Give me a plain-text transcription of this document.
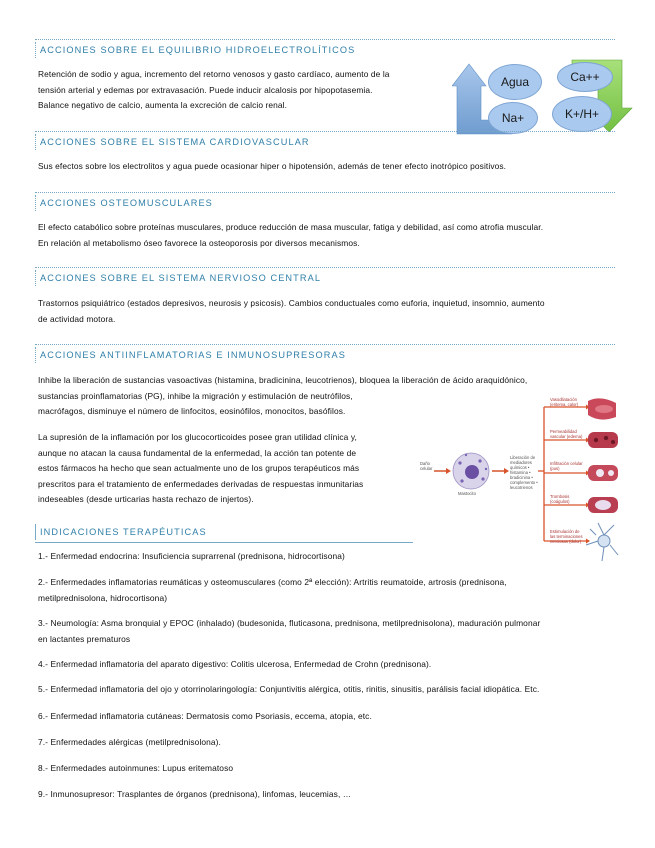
ACCIONES SOBRE EL EQUILIBRIO HIDROELECTROLÍTICOS
Retención de sodio y agua, incremento del retorno venosos y gasto cardíaco, aumento de la
tensión arterial y edemas por extravasación. Puede inducir alcalosis por hipopotasemia.
Balance negativo de calcio, aumenta la excreción de calcio renal.
Agua	Ca++
Na+	K+/H+
ACCIONES SOBRE EL SISTEMA CARDIOVASCULAR
Sus efectos sobre los electrolitos y agua puede ocasionar hiper o hipotensión, además de tener efecto inotrópico positivos.
ACCIONES OSTEOMUSCULARES
El efecto catabólico sobre proteínas musculares, produce reducción de masa muscular, fatiga y debilidad, así como atrofia muscular.
En relación al metabolismo óseo favorece la osteoporosis por diversos mecanismos.
ACCIONES SOBRE EL SISTEMA NERVIOSO CENTRAL
Trastornos psiquiátrico (estados depresivos, neurosis y psicosis). Cambios conductuales como euforia, inquietud, insomnio, aumento
de actividad motora.
ACCIONES ANTIINFLAMATORIAS E INMUNOSUPRESORAS
Inhibe la liberación de sustancias vasoactivas (histamina, bradicinina, leucotrienos), bloquea la liberación de ácido araquidónico,
sustancias proinflamatorias (PG), inhibe la migración y estimulación de neutrófilos,
macrófagos, disminuye el número de linfocitos, eosinófilos, monocitos, basófilos.
La supresión de la inflamación por los glucocorticoides posee gran utilidad clínica y,
aunque no atacan la causa fundamental de la enfermedad, la acción tan potente de
estos fármacos ha hecho que sean actualmente uno de los grupos terapéuticos más
prescritos para el tratamiento de enfermedades derivadas de respuestas inmunitarias
indeseables (desde urticarias hasta rechazo de injertos).
Daño celular
Mastocito
Liberación de mediadores químicos • histamina • bradicinina • complemento • leucotrienos
Vasodilatación (eritema, calor)
Permeabilidad vascular (edema)
Infiltración celular (pus)
Trombosis (coágulos)
Estimulación de las terminaciones nerviosas (dolor)
INDICACIONES TERAPÉUTICAS
1.- Enfermedad endocrina: Insuficiencia suprarrenal (prednisona, hidrocortisona)
2.- Enfermedades inflamatorias reumáticas y osteomusculares (como 2ª elección): Artritis reumatoide, artrosis (prednisona,
metilprednisolona, hidrocortisona)
3.- Neumología: Asma bronquial y EPOC (inhalado) (budesonida, fluticasona, prednisona, metilprednisolona), maduración pulmonar
en lactantes prematuros
4.- Enfermedad inflamatoria del aparato digestivo: Colitis ulcerosa, Enfermedad de Crohn (prednisona).
5.- Enfermedad inflamatoria del ojo y otorrinolaringología: Conjuntivitis alérgica, otitis, rinitis, sinusitis, parálisis facial idiopática. Etc.
6.- Enfermedad inflamatoria cutáneas: Dermatosis como Psoriasis, eccema, atopia, etc.
7.- Enfermedades alérgicas (metilprednisolona).
8.- Enfermedades autoinmunes: Lupus eritematoso
9.- Inmunosupresor: Trasplantes de órganos (prednisona), linfomas, leucemias, …
